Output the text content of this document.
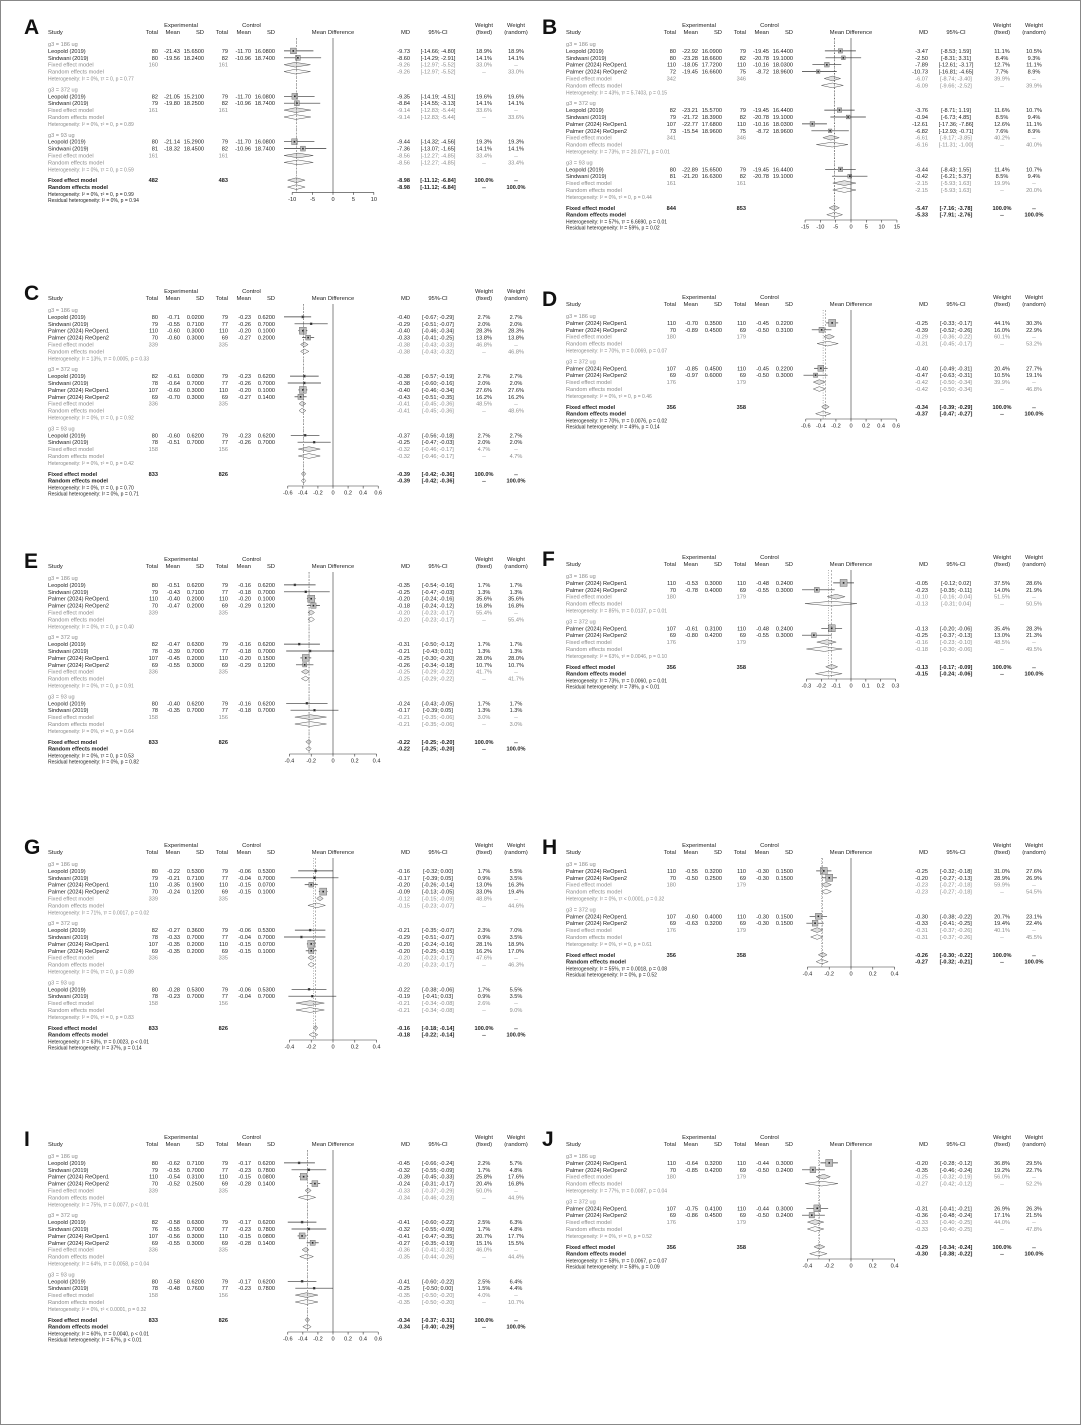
A	Experimental	Control	Weight Weight
Study	Total Mean	SD Total Mean	SD	Mean Difference	MD	95%-CI	(fixed) (random)
g3 = 186 ug
Leopold (2019)	80 -21.43 15.6500	79 -11.70 16.0800	-9.73 [-14.66; -4.80]	18.9%	18.9%
Sindwani (2019)	80 -19.56 18.2400	82 -10.96 18.7400	-8.60 [-14.29; -2.91]	14.1%	14.1%
Fixed effect model	160	161	-9.26 [-12.97; -5.52]	33.0%	--
Random effects model	-9.26 [-12.97; -5.52]	--	33.0%
Heterogeneity: I² = 0%, τ² = 0, p = 0.77
g3 = 372 ug
Leopold (2019)	82 -21.05 15.2100	79 -11.70 16.0800	-9.35 [-14.19; -4.51]	19.6%	19.6%
Sindwani (2019)	79 -19.80 18.2500	82 -10.96 18.7400	-8.84 [-14.55; -3.13]	14.1%	14.1%
Fixed effect model	161	161	-9.14 [-12.83; -5.44]	33.6%	--
Random effects model	-9.14 [-12.83; -5.44]	--	33.6%
Heterogeneity: I² = 0%, τ² = 0, p = 0.89
g3 = 93 ug
Leopold (2019)	80 -21.14 15.2900	79 -11.70 16.0800	-9.44 [-14.32; -4.56]	19.3%	19.3%
Sindwani (2019)	81 -18.32 18.4500	82 -10.96 18.7400	-7.36 [-13.07; -1.65]	14.1%	14.1%
Fixed effect model	161	161	-8.56 [-12.27; -4.85]	33.4%	--
Random effects model	-8.56 [-12.27; -4.85]	--	33.4%
Heterogeneity: I² = 0%, τ² = 0, p = 0.59
Fixed effect model	482	483	-8.98 [-11.12; -6.84]	100.0%	--
Random effects model	-8.98 [-11.12; -6.84]	--	100.0%
Heterogeneity: I² = 0%, τ² = 0, p = 0.99
Residual heterogeneity: I² = 0%, p = 0.94	-10 -5	0	5	10
B	Experimental	Control	Weight Weight
Study	Total Mean	SD Total Mean	SD	Mean Difference	MD	95%-CI	(fixed) (random)
g3 = 186 ug
Leopold (2019)	80 -22.92 16.0900	79 -19.45 16.4400	-3.47 [-8.53; 1.59]	11.1%	10.5%
Sindwani (2019)	80 -23.28 18.6600	82 -20.78 19.1000	-2.50 [-8.31; 3.31]	8.4%	9.3%
Palmer (2024) ReOpen1	110 -18.05 17.7200	110 -10.16 18.0300	-7.89 [-12.61; -3.17]	12.7%	11.1%
Palmer (2024) ReOpen2	72 -19.45 16.6600	75 -8.72 18.9600	-10.73 [-16.81; -4.65]	7.7%	8.9%
Fixed effect model	342	346	-6.07 [-8.74; -3.40]	39.9%	--
Random effects model	-6.09 [-9.66; -2.52]	--	39.9%
Heterogeneity: I² = 43%, τ² = 5.7403, p = 0.15
g3 = 372 ug
Leopold (2019)	82 -23.21 15.5700	79 -19.45 16.4400	-3.76 [-8.71; 1.19]	11.6%	10.7%
Sindwani (2019)	79 -21.72 18.3900	82 -20.78 19.1000	-0.94 [-6.73; 4.85]	8.5%	9.4%
Palmer (2024) ReOpen1	107 -22.77 17.6800	110 -10.16 18.0300	-12.61 [-17.36; -7.86]	12.6%	11.1%
Palmer (2024) ReOpen2	73 -15.54 18.9600	75 -8.72 18.9600	-6.82 [-12.93; -0.71]	7.6%	8.9%
Fixed effect model	341	346	-6.61 [-9.17; -3.85]	40.2%	--
Random effects model	-6.16 [-11.31; -1.00]	--	40.0%
Heterogeneity: I² = 73%, τ² = 20.0771, p = 0.01
g3 = 93 ug
Leopold (2019)	80 -22.89 15.6500	79 -19.45 16.4400	-3.44 [-8.43; 1.55]	11.4%	10.7%
Sindwani (2019)	81 -21.20 16.6300	82 -20.78 19.1000	-0.42 [-6.21; 5.37]	8.5%	9.4%
Fixed effect model	161	161	-2.15 [-5.93; 1.63]	19.9%	--
Random effects model	-2.15 [-5.93; 1.63]	--	20.0%
Heterogeneity: I² = 0%, τ² = 0, p = 0.44
Fixed effect model	844	853	-5.47 [-7.16; -3.78]	100.0%	--
Random effects model	-5.33 [-7.91; -2.76]	--	100.0%
Heterogeneity: I² = 57%, τ² = 6.6690, p = 0.01
Residual heterogeneity: I² = 59%, p = 0.02	-15 -10 -5 0 5 10 15
C	Experimental	Control	Weight Weight
Study	Total Mean	SD Total Mean	SD	Mean Difference	MD	95%-CI	(fixed) (random)
g3 = 186 ug
Leopold (2019)	80 -0.71 0.0200	79 -0.23 0.6200	-0.40 [-0.67; -0.29]	2.7%	2.7%
Sindwani (2019)	79 -0.55 0.7100	77 -0.26 0.7000	-0.29 [-0.51; -0.07]	2.0%	2.0%
Palmer (2024) ReOpen1	110 -0.60 0.3000	110 -0.20 0.1000	-0.40 [-0.46; -0.34]	28.3%	28.3%
Palmer (2024) ReOpen2	70 -0.60 0.3000	69 -0.27 0.2000	-0.33 [-0.41; -0.25]	13.8%	13.8%
Fixed effect model	339	335	-0.38 [-0.43; -0.33]	46.8%	--
Random effects model	-0.38 [-0.43; -0.32]	--	46.8%
Heterogeneity: I² = 13%, τ² = 0.0005, p = 0.33
g3 = 372 ug
Leopold (2019)	82 -0.61 0.0300	79 -0.23 0.6200	-0.38 [-0.57; -0.19]	2.7%	2.7%
Sindwani (2019)	78 -0.64 0.7000	77 -0.26 0.7000	-0.38 [-0.60; -0.16]	2.0%	2.0%
Palmer (2024) ReOpen1	107 -0.60 0.3000	110 -0.20 0.1000	-0.40 [-0.46; -0.34]	27.6%	27.6%
Palmer (2024) ReOpen2	69 -0.70 0.3000	69 -0.27 0.1400	-0.43 [-0.51; -0.35]	16.2%	16.2%
Fixed effect model	336	335	-0.41 [-0.45; -0.36]	48.5%	--
Random effects model	-0.41 [-0.45; -0.36]	--	48.6%
Heterogeneity: I² = 0%, τ² = 0, p = 0.92
g3 = 93 ug
Leopold (2019)	80 -0.60 0.6200	79 -0.23 0.6200	-0.37 [-0.56; -0.18]	2.7%	2.7%
Sindwani (2019)	78 -0.51 0.7000	77 -0.26 0.7000	-0.25 [-0.47; -0.03]	2.0%	2.0%
Fixed effect model	158	156	-0.32 [-0.46; -0.17]	4.7%	--
Random effects model	-0.32 [-0.46; -0.17]	--	4.7%
Heterogeneity: I² = 0%, τ² = 0, p = 0.42
Fixed effect model	833	826	-0.39 [-0.42; -0.36]	100.0%	--
Random effects model	-0.39 [-0.42; -0.36]	--	100.0%
Heterogeneity: I² = 0%, τ² = 0, p = 0.70
Residual heterogeneity: I² = 0%, p = 0.71	-0.6 -0.4 -0.2 0 0.2 0.4 0.6
D	Experimental	Control	Weight Weight
Study	Total Mean	SD Total Mean	SD	Mean Difference	MD	95%-CI	(fixed) (random)
g3 = 186 ug
Palmer (2024) ReOpen1	110 -0.70 0.3500	110 -0.45 0.2200	-0.25 [-0.33; -0.17]	44.1%	30.3%
Palmer (2024) ReOpen2	70 -0.89 0.4500	69 -0.50 0.3100	-0.39 [-0.52; -0.26]	16.0%	22.9%
Fixed effect model	180	179	-0.29 [-0.36; -0.22]	60.1%	--
Random effects model	-0.31 [-0.45; -0.17]	--	53.2%
Heterogeneity: I² = 70%, τ² = 0.0069, p = 0.07
g3 = 372 ug
Palmer (2024) ReOpen1	107 -0.85 0.4500	110 -0.45 0.2200	-0.40 [-0.49; -0.31]	20.4%	27.7%
Palmer (2024) ReOpen2	69 -0.97 0.6000	69 -0.50 0.3000	-0.47 [-0.63; -0.31]	10.5%	19.1%
Fixed effect model	176	179	-0.42 [-0.50; -0.34]	39.9%	--
Random effects model	-0.42 [-0.50; -0.34]	--	46.8%
Heterogeneity: I² = 0%, τ² = 0, p = 0.46
Fixed effect model	356	358	-0.34 [-0.39; -0.29]	100.0%	--
Random effects model	-0.37 [-0.47; -0.27]	--	100.0%
Heterogeneity: I² = 70%, τ² = 0.0076, p = 0.02
Residual heterogeneity: I² = 49%, p = 0.14	-0.6 -0.4 -0.2 0 0.2 0.4 0.6
E	Experimental	Control	Weight Weight
Study	Total Mean	SD Total Mean	SD	Mean Difference	MD	95%-CI	(fixed) (random)
g3 = 186 ug
Leopold (2019)	80 -0.51 0.6200	79 -0.16 0.6200	-0.35 [-0.54; -0.16]	1.7%	1.7%
Sindwani (2019)	79 -0.43 0.7100	77 -0.18 0.7000	-0.25 [-0.47; -0.03]	1.3%	1.3%
Palmer (2024) ReOpen1	110 -0.40 0.2000	110 -0.20 0.1000	-0.20 [-0.24; -0.16]	35.6%	35.6%
Palmer (2024) ReOpen2	70 -0.47 0.2000	69 -0.29 0.1200	-0.18 [-0.24; -0.12]	16.8%	16.8%
Fixed effect model	339	335	-0.20 [-0.23; -0.17]	55.4%	--
Random effects model	-0.20 [-0.23; -0.17]	--	55.4%
Heterogeneity: I² = 0%, τ² = 0, p = 0.40
g3 = 372 ug
Leopold (2019)	82 -0.47 0.6300	79 -0.16 0.6200	-0.31 [-0.50; -0.12]	1.7%	1.7%
Sindwani (2019)	78 -0.39 0.7000	77 -0.18 0.7000	-0.21 [-0.43; 0.01]	1.3%	1.3%
Palmer (2024) ReOpen1	107 -0.45 0.2000	110 -0.20 0.1500	-0.25 [-0.30; -0.20]	28.0%	28.0%
Palmer (2024) ReOpen2	69 -0.55 0.3000	69 -0.29 0.1200	-0.26 [-0.34; -0.18]	10.7%	10.7%
Fixed effect model	336	335	-0.25 [-0.29; -0.22]	41.7%	--
Random effects model	-0.25 [-0.29; -0.22]	--	41.7%
Heterogeneity: I² = 0%, τ² = 0, p = 0.91
g3 = 93 ug
Leopold (2019)	80 -0.40 0.6200	79 -0.16 0.6200	-0.24 [-0.43; -0.05]	1.7%	1.7%
Sindwani (2019)	78 -0.35 0.7000	77 -0.18 0.7000	-0.17 [-0.39; 0.05]	1.3%	1.3%
Fixed effect model	158	156	-0.21 [-0.35; -0.06]	3.0%	--
Random effects model	-0.21 [-0.35; -0.06]	--	3.0%
Heterogeneity: I² = 0%, τ² = 0, p = 0.64
Fixed effect model	833	826	-0.22 [-0.25; -0.20]	100.0%	--
Random effects model	-0.22 [-0.25; -0.20]	--	100.0%
Heterogeneity: I² = 0%, τ² = 0, p = 0.53
Residual heterogeneity: I² = 0%, p = 0.82	-0.4 -0.2	0	0.2 0.4
F	Experimental	Control	Weight Weight
Study	Total Mean	SD Total Mean	SD	Mean Difference	MD	95%-CI	(fixed) (random)
g3 = 186 ug
Palmer (2024) ReOpen1	110 -0.53 0.3000	110 -0.48 0.2400	-0.05 [-0.12; 0.02]	37.5%	28.6%
Palmer (2024) ReOpen2	70 -0.78 0.4000	69 -0.55 0.3000	-0.23 [-0.35; -0.11]	14.0%	21.9%
Fixed effect model	180	179	-0.10 [-0.16; -0.04]	51.5%	--
Random effects model	-0.13 [-0.31; 0.04]	--	50.5%
Heterogeneity: I² = 85%, τ² = 0.0137, p = 0.01
g3 = 372 ug
Palmer (2024) ReOpen1	107 -0.61 0.3100	110 -0.48 0.2400	-0.13 [-0.20; -0.06]	35.4%	28.3%
Palmer (2024) ReOpen2	69 -0.80 0.4200	69 -0.55 0.3000	-0.25 [-0.37; -0.13]	13.0%	21.3%
Fixed effect model	176	179	-0.16 [-0.23; -0.10]	48.5%	--
Random effects model	-0.18 [-0.30; -0.06]	--	49.5%
Heterogeneity: I² = 63%, τ² = 0.0046, p = 0.10
Fixed effect model	356	358	-0.13 [-0.17; -0.09]	100.0%	--
Random effects model	-0.15 [-0.24; -0.06]	--	100.0%
Heterogeneity: I² = 73%, τ² = 0.0060, p = 0.01
Residual heterogeneity: I² = 78%, p < 0.01	-0.3 -0.2 -0.1 0 0.1 0.2 0.3
G	Experimental	Control	Weight Weight
Study	Total Mean	SD Total Mean	SD	Mean Difference	MD	95%-CI	(fixed) (random)
g3 = 186 ug
Leopold (2019)	80 -0.22 0.5300	79 -0.06 0.5300	-0.16 [-0.32; 0.00]	1.7%	5.5%
Sindwani (2019)	79 -0.21 0.7100	77 -0.04 0.7000	-0.17 [-0.39; 0.05]	0.9%	3.5%
Palmer (2024) ReOpen1	110 -0.35 0.1900	110 -0.15 0.0700	-0.20 [-0.26; -0.14]	13.0%	16.3%
Palmer (2024) ReOpen2	70 -0.24 0.1200	69 -0.15 0.1000	-0.09 [-0.13; -0.05]	33.0%	19.4%
Fixed effect model	339	335	-0.12 [-0.15; -0.09]	48.8%	--
Random effects model	-0.15 [-0.23; -0.07]	--	44.6%
Heterogeneity: I² = 71%, τ² = 0.0017, p = 0.02
g3 = 372 ug
Leopold (2019)	82 -0.27 0.3600	79 -0.06 0.5300	-0.21 [-0.35; -0.07]	2.3%	7.0%
Sindwani (2019)	78 -0.33 0.7000	77 -0.04 0.7000	-0.29 [-0.51; -0.07]	0.9%	3.5%
Palmer (2024) ReOpen1	107 -0.35 0.2000	110 -0.15 0.0700	-0.20 [-0.24; -0.16]	28.1%	18.9%
Palmer (2024) ReOpen2	69 -0.35 0.2000	69 -0.15 0.1000	-0.20 [-0.25; -0.15]	16.2%	17.0%
Fixed effect model	336	335	-0.20 [-0.23; -0.17]	47.6%	--
Random effects model	-0.20 [-0.23; -0.17]	--	46.3%
Heterogeneity: I² = 0%, τ² = 0, p = 0.89
g3 = 93 ug
Leopold (2019)	80 -0.28 0.5300	79 -0.06 0.5300	-0.22 [-0.38; -0.06]	1.7%	5.5%
Sindwani (2019)	78 -0.23 0.7000	77 -0.04 0.7000	-0.19 [-0.41; 0.03]	0.9%	3.5%
Fixed effect model	158	156	-0.21 [-0.34; -0.08]	2.6%	--
Random effects model	-0.21 [-0.34; -0.08]	--	9.0%
Heterogeneity: I² = 0%, τ² = 0, p = 0.83
Fixed effect model	833	826	-0.16 [-0.18; -0.14]	100.0%	--
Random effects model	-0.18 [-0.22; -0.14]	--	100.0%
Heterogeneity: I² = 63%, τ² = 0.0023, p < 0.01
Residual heterogeneity: I² = 37%, p = 0.14	-0.4 -0.2	0	0.2 0.4
H	Experimental	Control	Weight Weight
Study	Total Mean	SD Total Mean	SD	Mean Difference	MD	95%-CI	(fixed) (random)
g3 = 186 ug
Palmer (2024) ReOpen1	110 -0.55 0.3200	110 -0.30 0.1500	-0.25 [-0.32; -0.18]	31.0%	27.6%
Palmer (2024) ReOpen2	70 -0.50 0.2500	69 -0.30 0.1500	-0.20 [-0.27; -0.13]	28.9%	26.9%
Fixed effect model	180	179	-0.23 [-0.27; -0.18]	59.9%	--
Random effects model	-0.23 [-0.27; -0.18]	--	54.5%
Heterogeneity: I² = 0%, τ² < 0.0001, p = 0.32
g3 = 372 ug
Palmer (2024) ReOpen1	107 -0.60 0.4000	110 -0.30 0.1500	-0.30 [-0.38; -0.22]	20.7%	23.1%
Palmer (2024) ReOpen2	69 -0.63 0.3200	69 -0.30 0.1500	-0.33 [-0.41; -0.25]	19.4%	22.4%
Fixed effect model	176	179	-0.31 [-0.37; -0.26]	40.1%	--
Random effects model	-0.31 [-0.37; -0.26]	--	45.5%
Heterogeneity: I² = 0%, τ² = 0, p = 0.61
Fixed effect model	356	358	-0.26 [-0.30; -0.22]	100.0%	--
Random effects model	-0.27 [-0.32; -0.21]	--	100.0%
Heterogeneity: I² = 55%, τ² = 0.0018, p = 0.08
Residual heterogeneity: I² = 0%, p = 0.52	-0.4 -0.2	0	0.2 0.4
I	Experimental	Control	Weight Weight
Study	Total Mean	SD Total Mean	SD	Mean Difference	MD	95%-CI	(fixed) (random)
g3 = 186 ug
Leopold (2019)	80 -0.62 0.7100	79 -0.17 0.6200	-0.45 [-0.66; -0.24]	2.2%	5.7%
Sindwani (2019)	79 -0.55 0.7000	77 -0.23 0.7800	-0.32 [-0.55; -0.09]	1.7%	4.8%
Palmer (2024) ReOpen1	110 -0.54 0.3100	110 -0.15 0.0800	-0.39 [-0.45; -0.33]	25.8%	17.6%
Palmer (2024) ReOpen2	70 -0.52 0.2500	69 -0.28 0.1400	-0.24 [-0.31; -0.17]	20.4%	16.8%
Fixed effect model	339	335	-0.33 [-0.37; -0.29]	50.0%	--
Random effects model	-0.34 [-0.46; -0.23]	--	44.9%
Heterogeneity: I² = 75%, τ² = 0.0077, p < 0.01
g3 = 372 ug
Leopold (2019)	82 -0.58 0.6300	79 -0.17 0.6200	-0.41 [-0.60; -0.22]	2.5%	6.3%
Sindwani (2019)	76 -0.55 0.7000	77 -0.23 0.7800	-0.32 [-0.55; -0.09]	1.7%	4.8%
Palmer (2024) ReOpen1	107 -0.56 0.3000	110 -0.15 0.0800	-0.41 [-0.47; -0.35]	20.7%	17.7%
Palmer (2024) ReOpen2	69 -0.55 0.3000	69 -0.28 0.1400	-0.27 [-0.35; -0.19]	15.1%	15.5%
Fixed effect model	336	335	-0.36 [-0.41; -0.32]	46.0%	--
Random effects model	-0.35 [-0.44; -0.26]	--	44.4%
Heterogeneity: I² = 64%, τ² = 0.0058, p = 0.04
g3 = 93 ug
Leopold (2019)	80 -0.58 0.6200	79 -0.17 0.6200	-0.41 [-0.60; -0.22]	2.5%	6.4%
Sindwani (2019)	78 -0.48 0.7600	77 -0.23 0.7800	-0.25 [-0.50; 0.00]	1.5%	4.4%
Fixed effect model	158	156	-0.35 [-0.50; -0.20]	4.0%	--
Random effects model	-0.35 [-0.50; -0.20]	--	10.7%
Heterogeneity: I² = 0%, τ² < 0.0001, p = 0.32
Fixed effect model	833	826	-0.34 [-0.37; -0.31]	100.0%	--
Random effects model	-0.34 [-0.40; -0.29]	--	100.0%
Heterogeneity: I² = 60%, τ² = 0.0040, p < 0.01
Residual heterogeneity: I² = 67%, p < 0.01	-0.6 -0.4 -0.2 0 0.2 0.4 0.6
J	Experimental	Control	Weight Weight
Study	Total Mean	SD Total Mean	SD	Mean Difference	MD	95%-CI	(fixed) (random)
g3 = 186 ug
Palmer (2024) ReOpen1	110 -0.64 0.3200	110 -0.44 0.3000	-0.20 [-0.28; -0.12]	36.8%	29.5%
Palmer (2024) ReOpen2	70 -0.85 0.4200	69 -0.50 0.2400	-0.35 [-0.46; -0.24]	19.2%	22.7%
Fixed effect model	180	179	-0.25 [-0.32; -0.19]	56.0%	--
Random effects model	-0.27 [-0.42; -0.12]	--	52.2%
Heterogeneity: I² = 77%, τ² = 0.0087, p = 0.04
g3 = 372 ug
Palmer (2024) ReOpen1	107 -0.75 0.4100	110 -0.44 0.3000	-0.31 [-0.41; -0.21]	26.9%	26.3%
Palmer (2024) ReOpen2	69 -0.86 0.4500	69 -0.50 0.2400	-0.36 [-0.48; -0.24]	17.1%	21.5%
Fixed effect model	176	179	-0.33 [-0.40; -0.25]	44.0%	--
Random effects model	-0.33 [-0.40; -0.25]	--	47.8%
Heterogeneity: I² = 0%, τ² = 0, p = 0.52
Fixed effect model	356	358	-0.29 [-0.34; -0.24]	100.0%	--
Random effects model	-0.30 [-0.38; -0.22]	--	100.0%
Heterogeneity: I² = 58%, τ² = 0.0067, p = 0.07
Residual heterogeneity: I² = 58%, p = 0.09	-0.4 -0.2	0	0.2 0.4
